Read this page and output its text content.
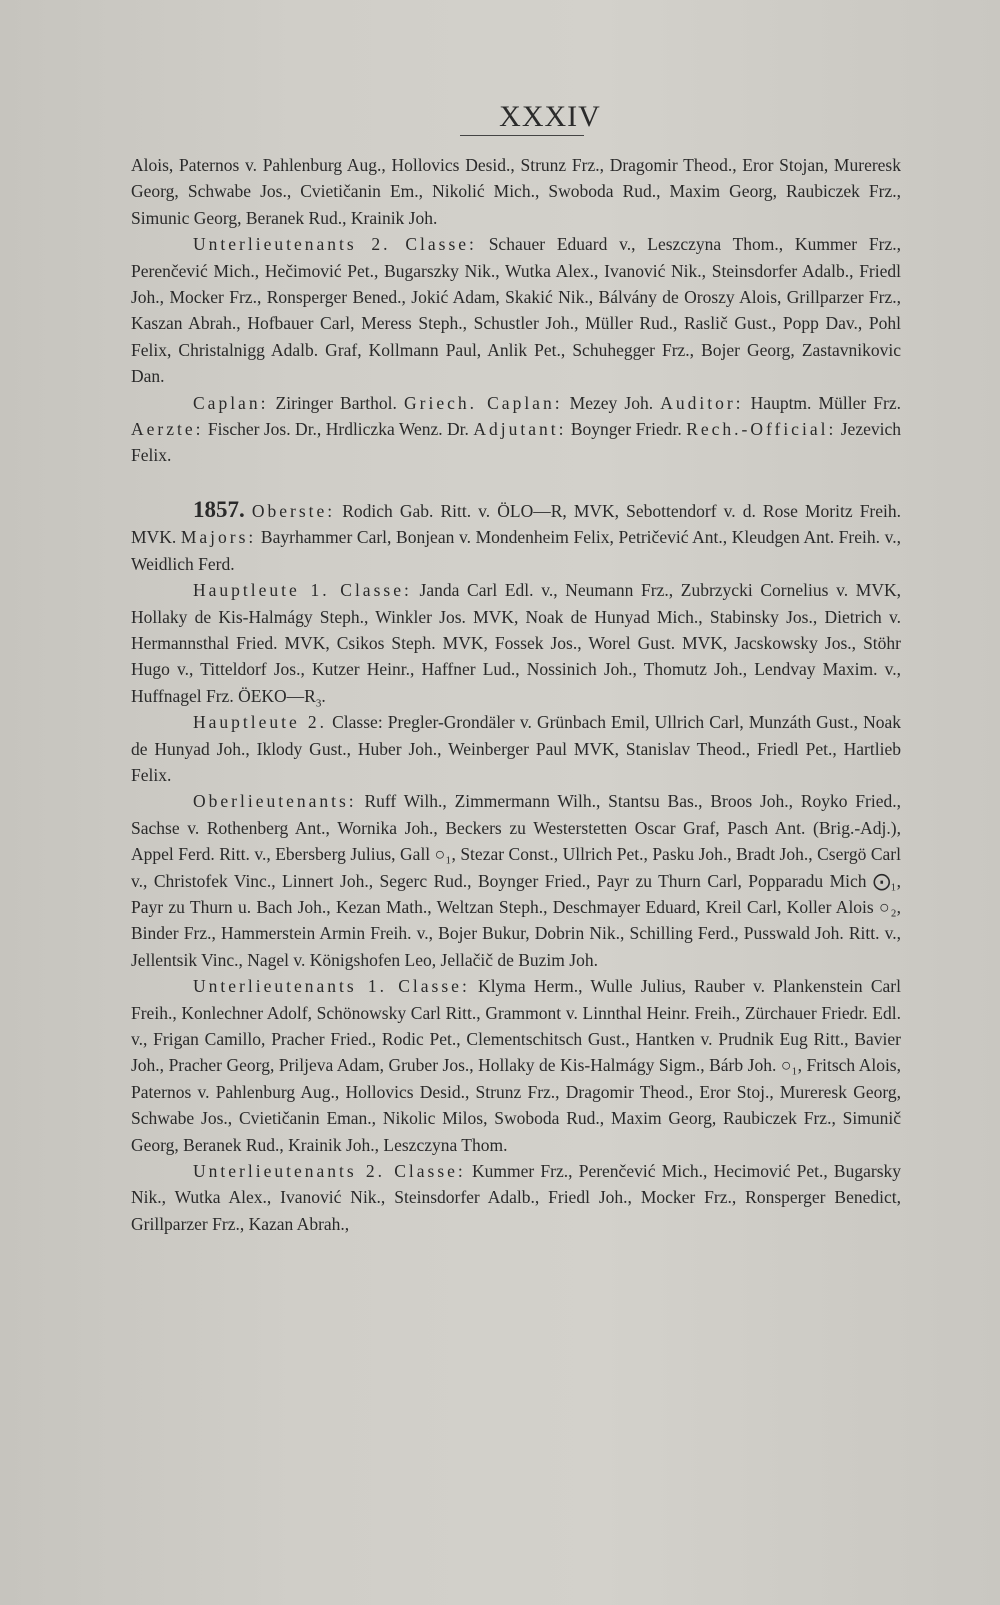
XXXIV

Alois, Paternos v. Pahlenburg Aug., Hollovics Desid., Strunz Frz., Dragomir Theod., Eror Stojan, Mureresk Georg, Schwabe Jos., Cvietičanin Em., Nikolić Mich., Swoboda Rud., Maxim Georg, Raubiczek Frz., Simunic Georg, Beranek Rud., Krainik Joh.

Unterlieutenants 2. Classe: Schauer Eduard v., Leszczyna Thom., Kummer Frz., Perenčević Mich., Hečimović Pet., Bugarszky Nik., Wutka Alex., Ivanović Nik., Steinsdorfer Adalb., Friedl Joh., Mocker Frz., Ronsperger Bened., Jokić Adam, Skakić Nik., Bálvány de Oroszy Alois, Grillparzer Frz., Kaszan Abrah., Hofbauer Carl, Meress Steph., Schustler Joh., Müller Rud., Raslič Gust., Popp Dav., Pohl Felix, Christalnigg Adalb. Graf, Kollmann Paul, Anlik Pet., Schuhegger Frz., Bojer Georg, Zastavnikovic Dan.

Caplan: Ziringer Barthol. Griech. Caplan: Mezey Joh. Auditor: Hauptm. Müller Frz. Aerzte: Fischer Jos. Dr., Hrdliczka Wenz. Dr. Adjutant: Boynger Friedr. Rech.-Official: Jezevich Felix.

1857. Oberste: Rodich Gab. Ritt. v. ÖLO—R, MVK, Sebottendorf v. d. Rose Moritz Freih. MVK. Majors: Bayrhammer Carl, Bonjean v. Mondenheim Felix, Petričević Ant., Kleudgen Ant. Freih. v., Weidlich Ferd.

Hauptleute 1. Classe: Janda Carl Edl. v., Neumann Frz., Zubrzycki Cornelius v. MVK, Hollaky de Kis-Halmágy Steph., Winkler Jos. MVK, Noak de Hunyad Mich., Stabinsky Jos., Dietrich v. Hermannsthal Fried. MVK, Csikos Steph. MVK, Fossek Jos., Worel Gust. MVK, Jacskowsky Jos., Stöhr Hugo v., Titteldorf Jos., Kutzer Heinr., Haffner Lud., Nossinich Joh., Thomutz Joh., Lendvay Maxim. v., Huffnagel Frz. $ÖEKO—R_3$.

Hauptleute 2. Classe: Pregler-Grondäler v. Grünbach Emil, Ullrich Carl, Munzáth Gust., Noak de Hunyad Joh., Iklody Gust., Huber Joh., Weinberger Paul MVK, Stanislav Theod., Friedl Pet., Hartlieb Felix.

Oberlieutenants: Ruff Wilh., Zimmermann Wilh., Stantsu Bas., Broos Joh., Royko Fried., Sachse v. Rothenberg Ant., Wornika Joh., Beckers zu Westerstetten Oscar Graf, Pasch Ant. (Brig.-Adj.), Appel Ferd. Ritt. v., Ebersberg Julius, Gall ○₁, Stezar Const., Ullrich Pet., Pasku Joh., Bradt Joh., Csergö Carl v., Christofek Vinc., Linnert Joh., Segerc Rud., Boynger Fried., Payr zu Thurn Carl, Popparadu Mich ⨀₁, Payr zu Thurn u. Bach Joh., Kezan Math., Weltzan Steph., Deschmayer Eduard, Kreil Carl, Koller Alois ○₂, Binder Frz., Hammerstein Armin Freih. v., Bojer Bukur, Dobrin Nik., Schilling Ferd., Pusswald Joh. Ritt. v., Jellentsik Vinc., Nagel v. Königshofen Leo, Jellačič de Buzim Joh.

Unterlieutenants 1. Classe: Klyma Herm., Wulle Julius, Rauber v. Plankenstein Carl Freih., Konlechner Adolf, Schönowsky Carl Ritt., Grammont v. Linnthal Heinr. Freih., Zürchauer Friedr. Edl. v., Frigan Camillo, Pracher Fried., Rodic Pet., Clementschitsch Gust., Hantken v. Prudnik Eug Ritt., Bavier Joh., Pracher Georg, Priljeva Adam, Gruber Jos., Hollaky de Kis-Halmágy Sigm., Bárb Joh. ○₁, Fritsch Alois, Paternos v. Pahlenburg Aug., Hollovics Desid., Strunz Frz., Dragomir Theod., Eror Stoj., Mureresk Georg, Schwabe Jos., Cvietičanin Eman., Nikolic Milos, Swoboda Rud., Maxim Georg, Raubiczek Frz., Simunič Georg, Beranek Rud., Krainik Joh., Leszczyna Thom.

Unterlieutenants 2. Classe: Kummer Frz., Perenčević Mich., Hecimović Pet., Bugarsky Nik., Wutka Alex., Ivanović Nik., Steinsdorfer Adalb., Friedl Joh., Mocker Frz., Ronsperger Benedict, Grillparzer Frz., Kazan Abrah.,
